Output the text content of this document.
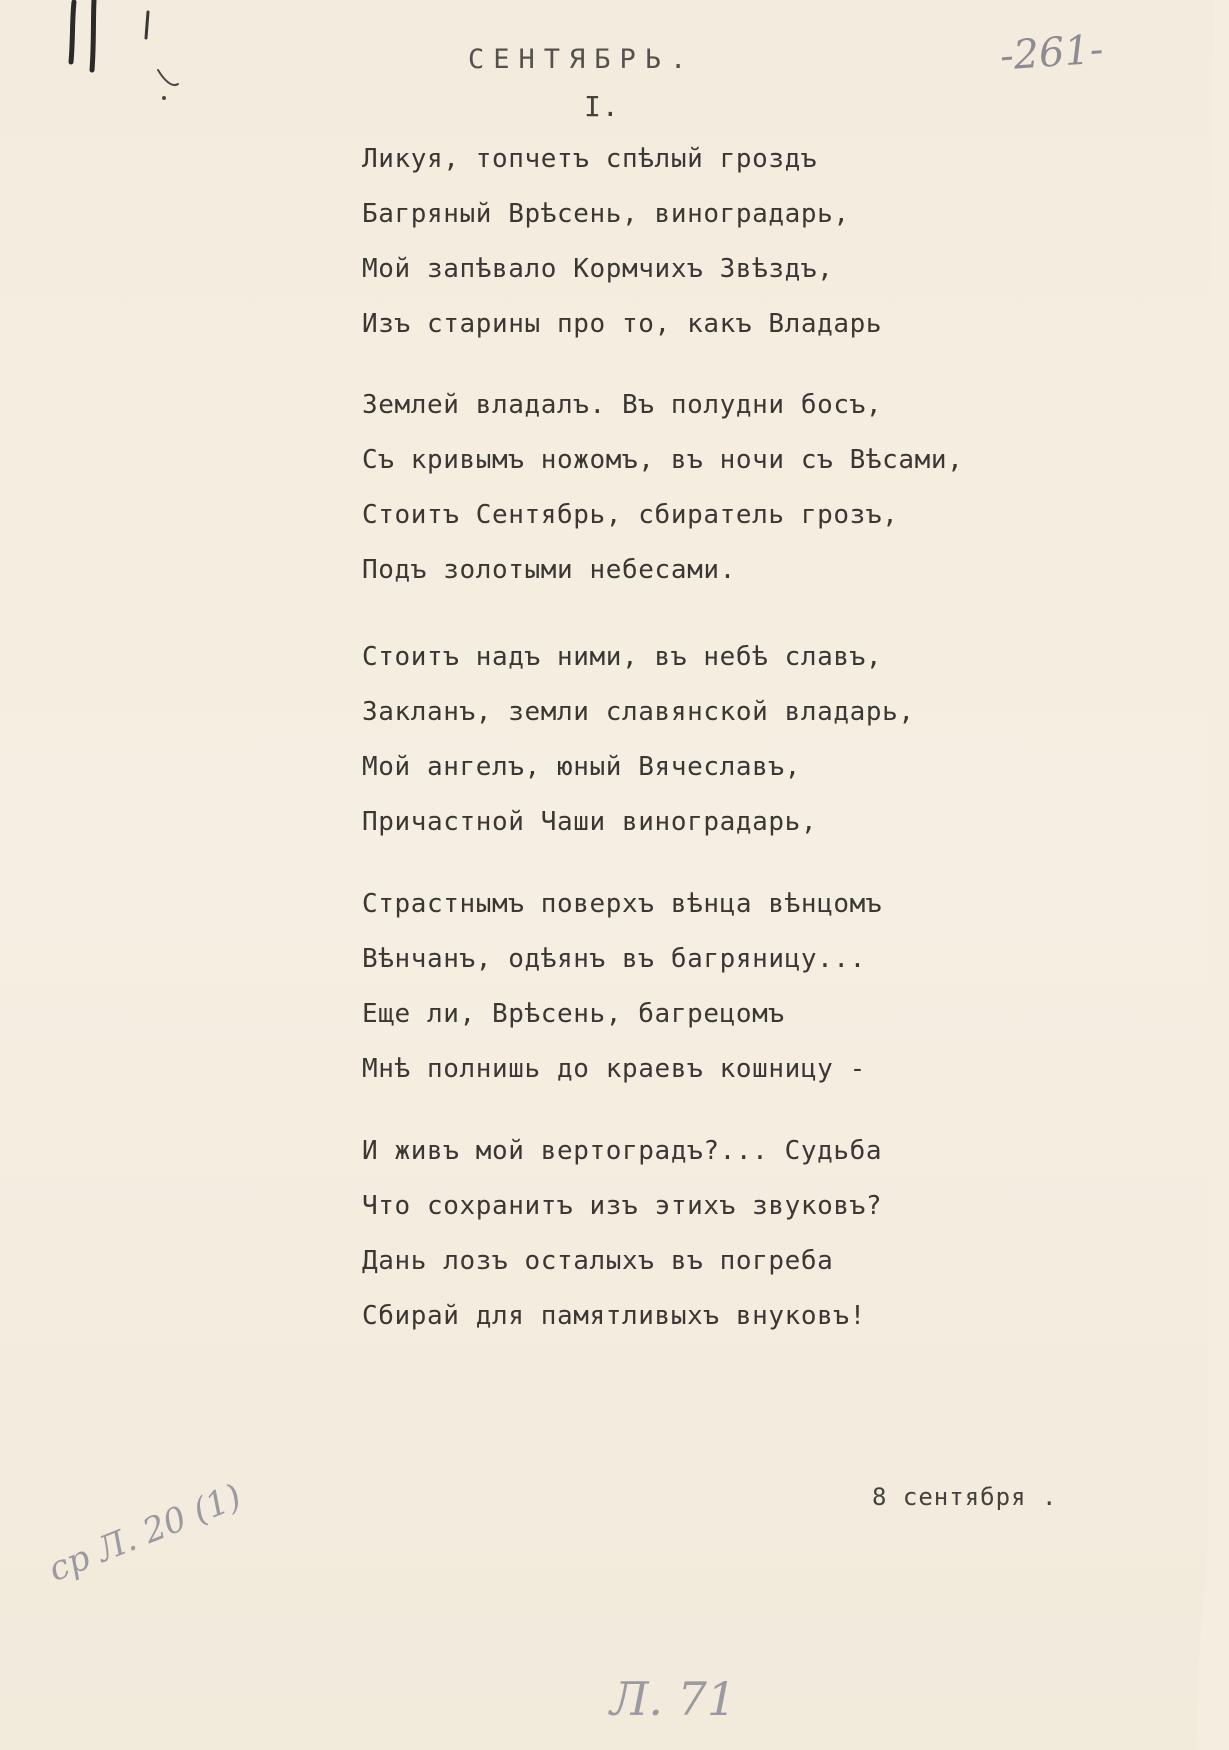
-261-
СЕНТЯБРЬ.
I.
Ликуя, топчетъ спѣлый гроздъ
Багряный Врѣсень, виноградарь,
Мой запѣвало Кормчихъ Звѣздъ,
Изъ старины про то, какъ Владарь
Землей владалъ. Въ полудни босъ,
Съ кривымъ ножомъ, въ ночи съ Вѣсами,
Стоитъ Сентябрь, сбиратель грозъ,
Подъ золотыми небесами.
Стоитъ надъ ними, въ небѣ славъ,
Закланъ, земли славянской владарь,
Мой ангелъ, юный Вячеславъ,
Причастной Чаши виноградарь,
Страстнымъ поверхъ вѣнца вѣнцомъ
Вѣнчанъ, одѣянъ въ багряницу...
Еще ли, Врѣсень, багрецомъ
Мнѣ полнишь до краевъ кошницу -
И живъ мой вертоградъ?... Судьба
Что сохранитъ изъ этихъ звуковъ?
Дань лозъ осталыхъ въ погреба
Сбирай для памятливыхъ внуковъ!
8 сентября .
ср Л. 20 (1)
Л. 71
